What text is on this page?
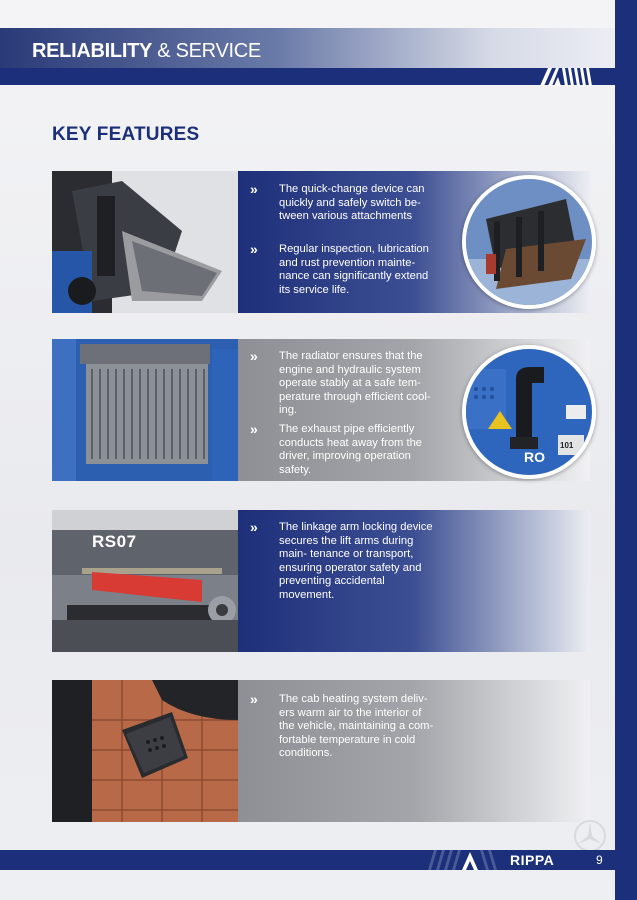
RELIABILITY & SERVICE
KEY FEATURES
» The quick-change device can quickly and safely switch be- tween various attachments
» Regular inspection, lubrication and rust prevention mainte- nance can significantly extend its service life.
» The radiator ensures that the engine and hydraulic system operate stably at a safe tem- perature through efficient cool- ing.
» The exhaust pipe efficiently conducts heat away from the driver, improving operation safety.
RO
101
RS07
» The linkage arm locking device secures the lift arms during main- tenance or transport, ensuring operator safety and preventing accidental movement.
» The cab heating system deliv- ers warm air to the interior of the vehicle, maintaining a com- fortable temperature in cold conditions.
RIPPA	9
